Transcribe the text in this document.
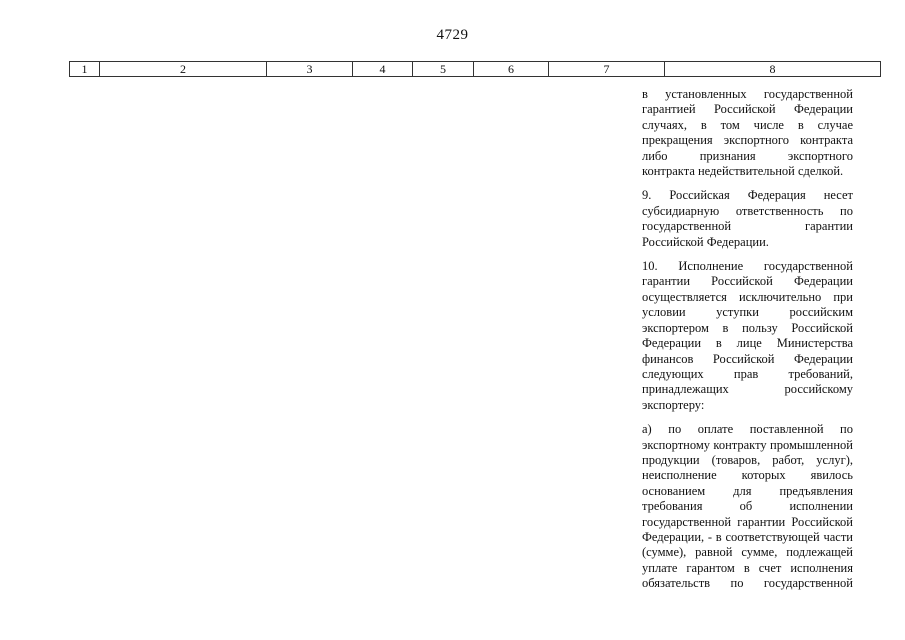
4729
1	2	3	4	5	6	7	8

в установленных государственной гарантией Российской Федерации случаях, в том числе в случае прекращения экспортного контракта либо признания экспортного
контракта недействительной сделкой.

9. Российская Федерация несет субсидиарную ответственность по государственной гарантии
Российской Федерации.

10. Исполнение государственной гарантии Российской Федерации осуществляется исключительно при условии уступки российским экспортером в пользу Российской Федерации в лице Министерства финансов Российской Федерации следующих прав требований, принадлежащих российскому
экспортеру:

а) по оплате поставленной по экспортному контракту промышленной продукции (товаров, работ, услуг), неисполнение которых явилось основанием для предъявления требования об исполнении государственной гарантии Российской Федерации, - в соответствующей части (сумме), равной сумме, подлежащей уплате гарантом в счет исполнения обязательств по государственной
